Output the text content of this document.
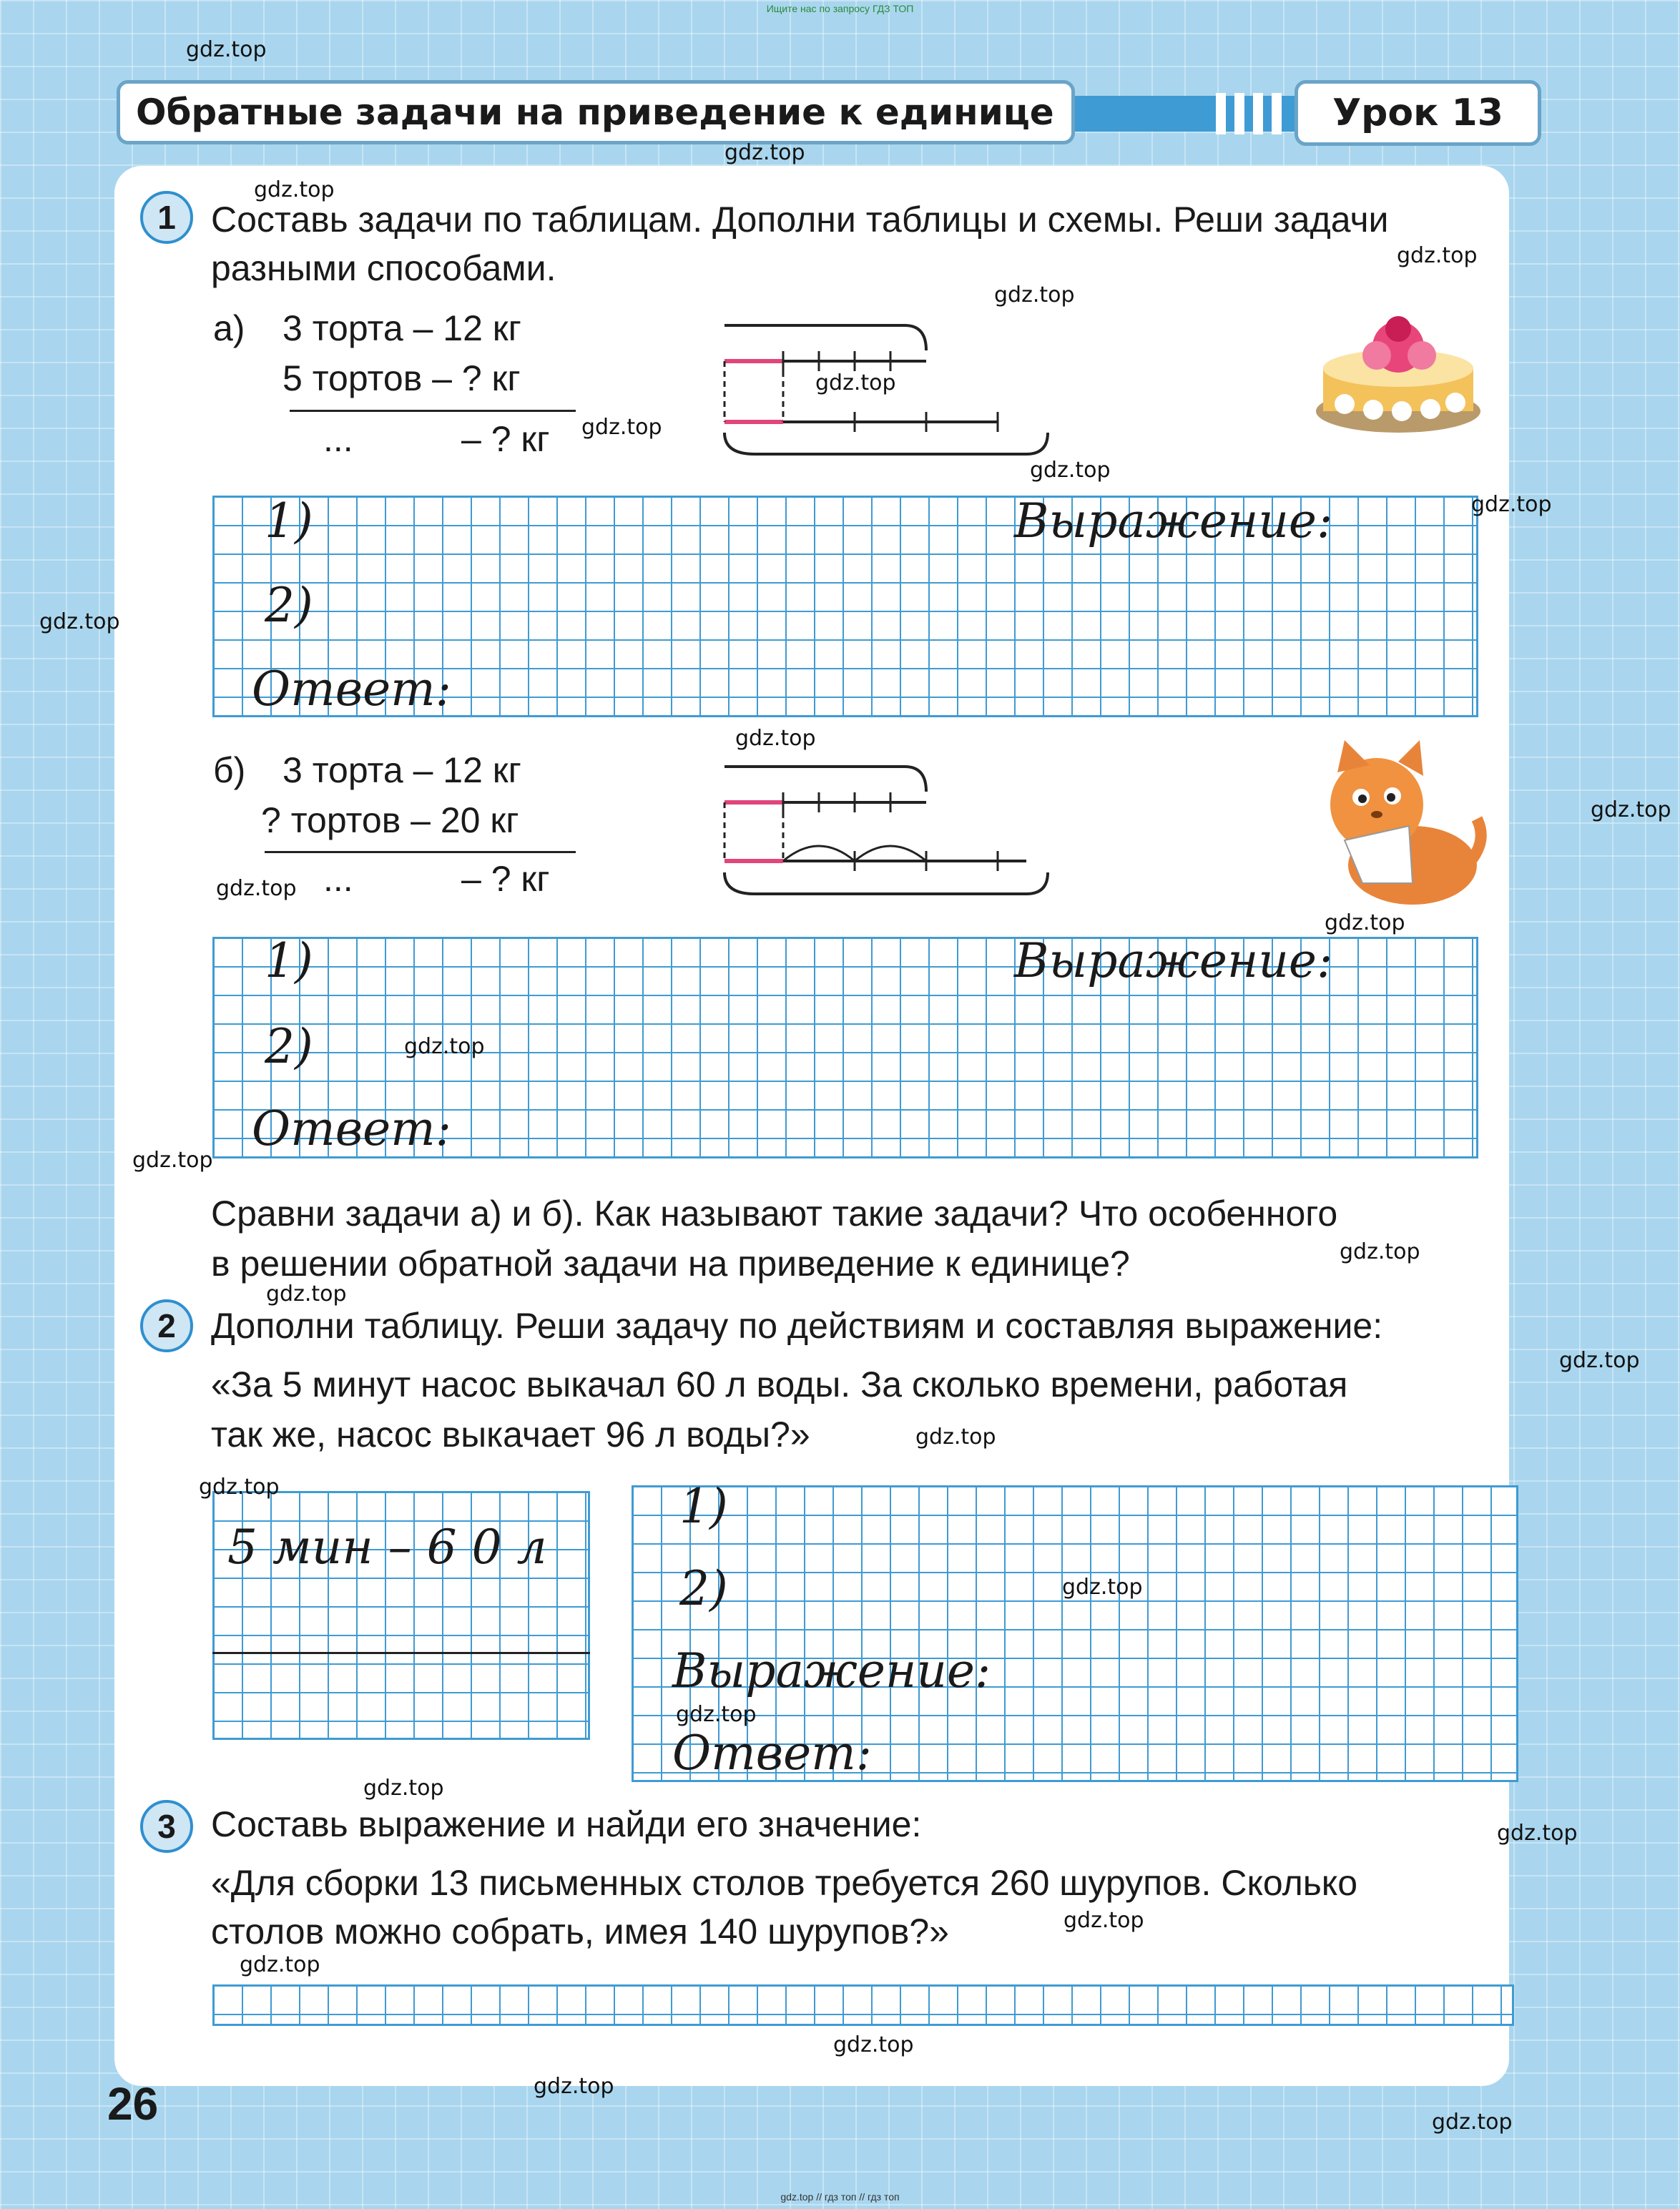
Ищите нас по запросу ГДЗ ТОП
Обратные задачи на приведение к единице	Урок 13
1 Составь задачи по таблицам. Дополни таблицы и схемы. Реши задачи
разными способами.
а) 3 торта – 12 кг
5 тортов – ? кг
...	– ? кг
1)	Выражение:
2)
Ответ:
б) 3 торта – 12 кг
? тортов – 20 кг
...	– ? кг
1)	Выражение:
2)
Ответ:
Сравни задачи а) и б). Как называют такие задачи? Что особенного
в решении обратной задачи на приведение к единице?
2 Дополни таблицу. Реши задачу по действиям и составляя выражение:
«За 5 минут насос выкачал 60 л воды. За сколько времени, работая
так же, насос выкачает 96 л воды?»
5 мин – 6 0 л
1)
2)
Выражение:
Ответ:
3 Составь выражение и найди его значение:
«Для сборки 13 письменных столов требуется 260 шурупов. Сколько
столов можно собрать, имея 140 шурупов?»
26
gdz.top
gdz.top
gdz.top
gdz.top
gdz.top
gdz.top
gdz.top
gdz.top
gdz.top
gdz.top
gdz.top
gdz.top
gdz.top
gdz.top
gdz.top
gdz.top
gdz.top
gdz.top
gdz.top
gdz.top
gdz.top
gdz.top
gdz.top
gdz.top
gdz.top
gdz.top
gdz.top
gdz.top
gdz.top
gdz.top
gdz.top // гдз топ // гдз топ
